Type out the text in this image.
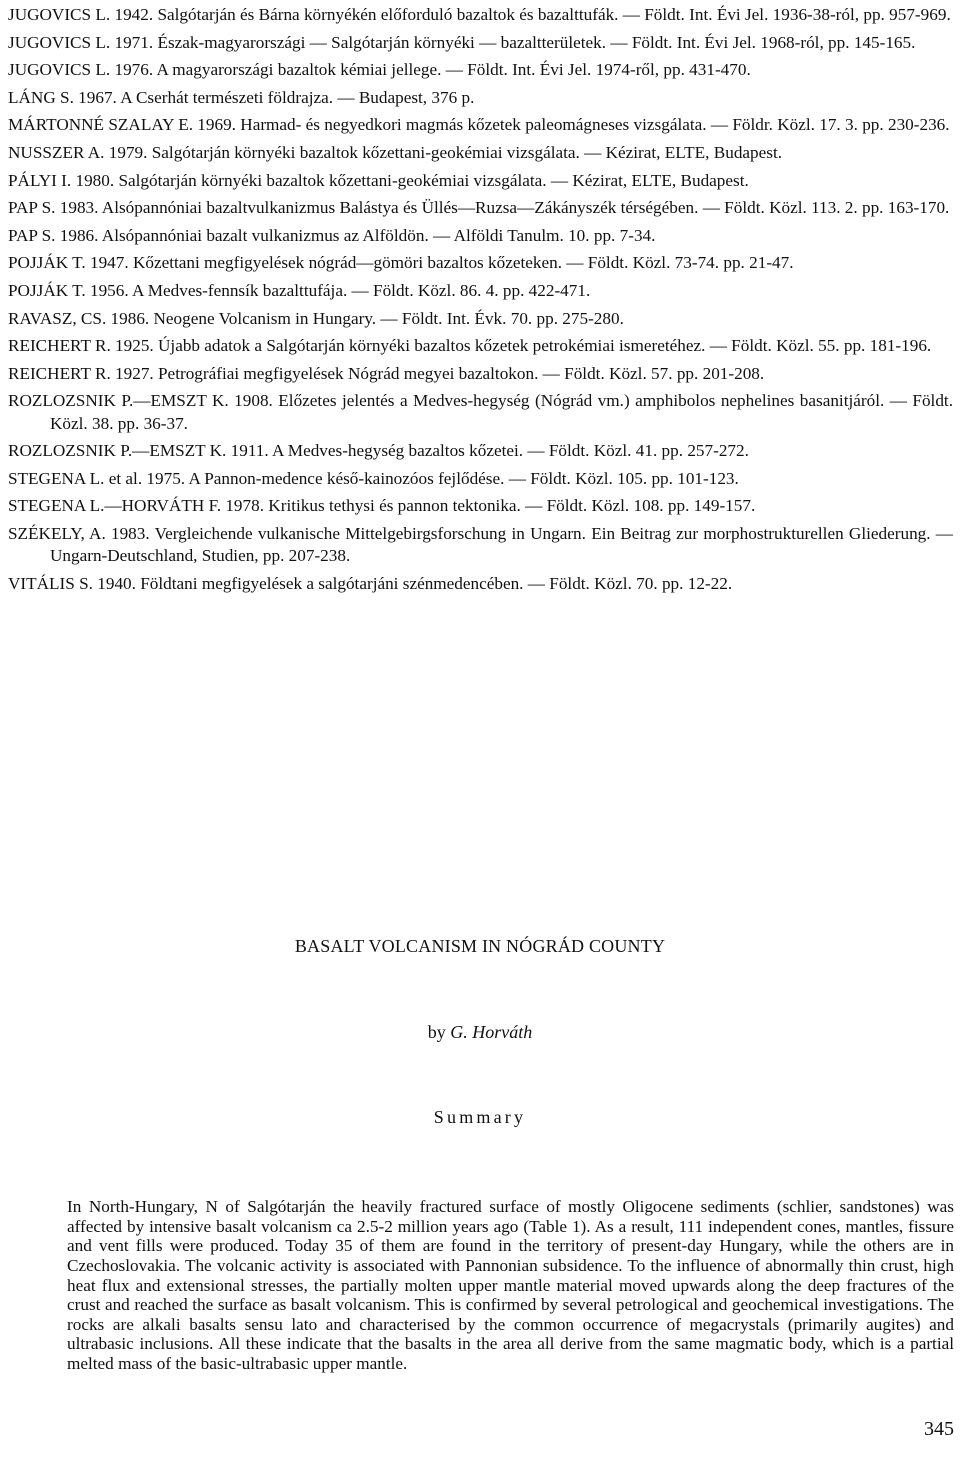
JUGOVICS L. 1942. Salgótarján és Bárna környékén előforduló bazaltok és bazalttufák. — Földt. Int. Évi Jel. 1936-38-ról, pp. 957-969.

JUGOVICS L. 1971. Észak-magyarországi — Salgótarján környéki — bazaltterületek. — Földt. Int. Évi Jel. 1968-ról, pp. 145-165.

JUGOVICS L. 1976. A magyarországi bazaltok kémiai jellege. — Földt. Int. Évi Jel. 1974-ről, pp. 431-470.

LÁNG S. 1967. A Cserhát természeti földrajza. — Budapest, 376 p.

MÁRTONNÉ SZALAY E. 1969. Harmad- és negyedkori magmás kőzetek paleomágneses vizsgálata. — Földr. Közl. 17. 3. pp. 230-236.

NUSSZER A. 1979. Salgótarján környéki bazaltok kőzettani-geokémiai vizsgálata. — Kézirat, ELTE, Budapest.

PÁLYI I. 1980. Salgótarján környéki bazaltok kőzettani-geokémiai vizsgálata. — Kézirat, ELTE, Budapest.

PAP S. 1983. Alsópannóniai bazaltvulkanizmus Balástya és Üllés—Ruzsa—Zákányszék térségében. — Földt. Közl. 113. 2. pp. 163-170.

PAP S. 1986. Alsópannóniai bazalt vulkanizmus az Alföldön. — Alföldi Tanulm. 10. pp. 7-34.

POJJÁK T. 1947. Kőzettani megfigyelések nógrád—gömöri bazaltos kőzeteken. — Földt. Közl. 73-74. pp. 21-47.

POJJÁK T. 1956. A Medves-fennsík bazalttufája. — Földt. Közl. 86. 4. pp. 422-471.

RAVASZ, CS. 1986. Neogene Volcanism in Hungary. — Földt. Int. Évk. 70. pp. 275-280.

REICHERT R. 1925. Újabb adatok a Salgótarján környéki bazaltos kőzetek petrokémiai ismeretéhez. — Földt. Közl. 55. pp. 181-196.

REICHERT R. 1927. Petrográfiai megfigyelések Nógrád megyei bazaltokon. — Földt. Közl. 57. pp. 201-208.

ROZLOZSNIK P.—EMSZT K. 1908. Előzetes jelentés a Medves-hegység (Nógrád vm.) amphibolos nephelines basanitjáról. — Földt. Közl. 38. pp. 36-37.

ROZLOZSNIK P.—EMSZT K. 1911. A Medves-hegység bazaltos kőzetei. — Földt. Közl. 41. pp. 257-272.

STEGENA L. et al. 1975. A Pannon-medence késő-kainozóos fejlődése. — Földt. Közl. 105. pp. 101-123.

STEGENA L.—HORVÁTH F. 1978. Kritikus tethysi és pannon tektonika. — Földt. Közl. 108. pp. 149-157.

SZÉKELY, A. 1983. Vergleichende vulkanische Mittelgebirgsforschung in Ungarn. Ein Beitrag zur morphostrukturellen Gliederung. — Ungarn-Deutschland, Studien, pp. 207-238.

VITÁLIS S. 1940. Földtani megfigyelések a salgótarjáni szénmedencében. — Földt. Közl. 70. pp. 12-22.

BASALT VOLCANISM IN NÓGRÁD COUNTY
by G. Horváth
Summary

In North-Hungary, N of Salgótarján the heavily fractured surface of mostly Oligocene sediments (schlier, sandstones) was affected by intensive basalt volcanism ca 2.5-2 million years ago (Table 1). As a result, 111 independent cones, mantles, fissure and vent fills were produced. Today 35 of them are found in the territory of present-day Hungary, while the others are in Czechoslovakia. The volcanic activity is associated with Pannonian subsidence. To the influence of abnormally thin crust, high heat flux and extensional stresses, the partially molten upper mantle material moved upwards along the deep fractures of the crust and reached the surface as basalt volcanism. This is confirmed by several petrological and geochemical investigations. The rocks are alkali basalts sensu lato and characterised by the common occurrence of megacrystals (primarily augites) and ultrabasic inclusions. All these indicate that the basalts in the area all derive from the same magmatic body, which is a partial melted mass of the basic-ultrabasic upper mantle.

345
